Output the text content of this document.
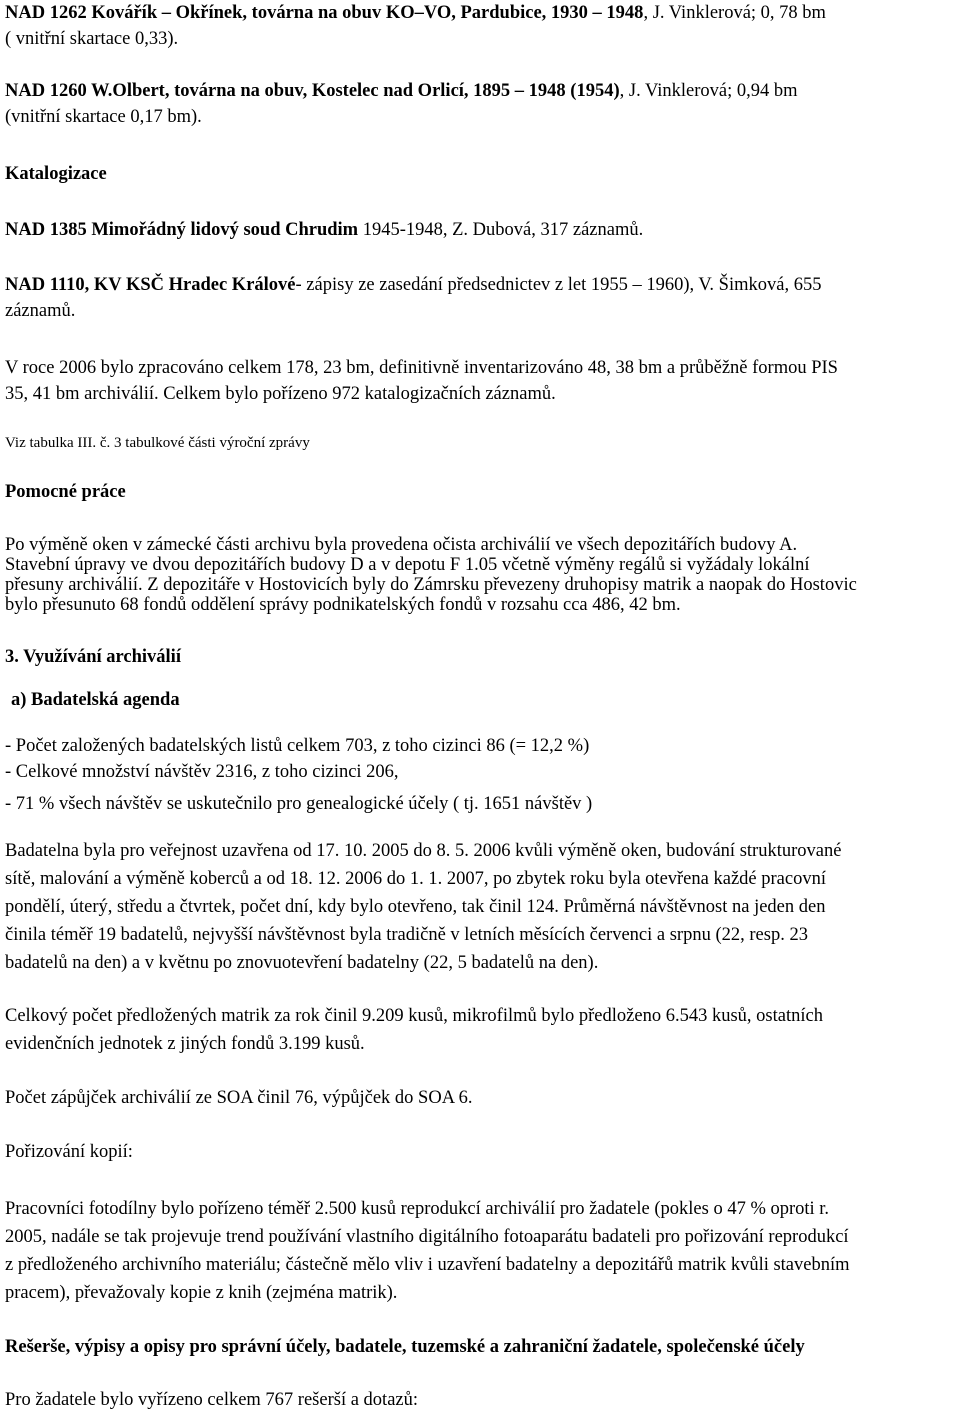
NAD 1262 Kovářík – Okřínek, továrna na obuv KO–VO, Pardubice, 1930 – 1948, J. Vinklerová; 0, 78 bm

( vnitřní skartace 0,33).

NAD 1260 W.Olbert, továrna na obuv, Kostelec nad Orlicí, 1895 – 1948 (1954), J. Vinklerová; 0,94 bm

(vnitřní skartace 0,17 bm).

Katalogizace

NAD 1385 Mimořádný lidový soud Chrudim 1945-1948, Z. Dubová, 317 záznamů.

NAD 1110, KV KSČ Hradec Králové- zápisy ze zasedání předsednictev z let 1955 – 1960), V. Šimková, 655

záznamů.

V roce 2006 bylo zpracováno celkem 178, 23 bm, definitivně inventarizováno 48, 38 bm a průběžně formou PIS

35, 41 bm archiválií. Celkem bylo pořízeno 972 katalogizačních záznamů.

Viz tabulka III. č. 3 tabulkové části výroční zprávy

Pomocné práce

Po výměně oken v zámecké části archivu byla provedena očista archiválií ve všech depozitářích budovy A.

Stavební úpravy ve dvou depozitářích budovy D a v depotu F 1.05 včetně výměny regálů si vyžádaly lokální

přesuny archiválií. Z depozitáře v Hostovicích byly do Zámrsku převezeny druhopisy matrik a naopak do Hostovic

bylo přesunuto 68 fondů oddělení správy podnikatelských fondů v rozsahu cca 486, 42 bm.

3. Využívání archiválií

a) Badatelská agenda

- Počet založených badatelských listů celkem 703, z toho cizinci 86 (= 12,2 %)

- Celkové množství návštěv 2316, z toho cizinci 206,

- 71 % všech návštěv se uskutečnilo pro genealogické účely ( tj. 1651 návštěv )

Badatelna byla pro veřejnost uzavřena od 17. 10. 2005 do 8. 5. 2006 kvůli výměně oken, budování strukturované

sítě, malování a výměně koberců a od 18. 12. 2006 do 1. 1. 2007, po zbytek roku byla otevřena každé pracovní

pondělí, úterý, středu a čtvrtek, počet dní, kdy bylo otevřeno, tak činil 124. Průměrná návštěvnost na jeden den

činila téměř 19 badatelů, nejvyšší návštěvnost byla tradičně v letních měsících červenci a srpnu (22, resp. 23

badatelů na den) a v květnu po znovuotevření badatelny (22, 5 badatelů na den).

Celkový počet předložených matrik za rok činil 9.209 kusů, mikrofilmů bylo předloženo 6.543 kusů, ostatních

evidenčních jednotek z jiných fondů 3.199 kusů.

Počet zápůjček archiválií ze SOA činil 76, výpůjček do SOA 6.

Pořizování kopií:

Pracovníci fotodílny bylo pořízeno téměř 2.500 kusů reprodukcí archiválií pro žadatele (pokles o 47 % oproti r.

2005, nadále se tak projevuje trend používání vlastního digitálního fotoaparátu badateli pro pořizování reprodukcí

z předloženého archivního materiálu; částečně mělo vliv i uzavření badatelny a depozitářů matrik kvůli stavebním

pracem), převažovaly kopie z knih (zejména matrik).

Rešerše, výpisy a opisy pro správní účely, badatele, tuzemské a zahraniční žadatele, společenské účely

Pro žadatele bylo vyřízeno celkem 767 rešerší a dotazů:
